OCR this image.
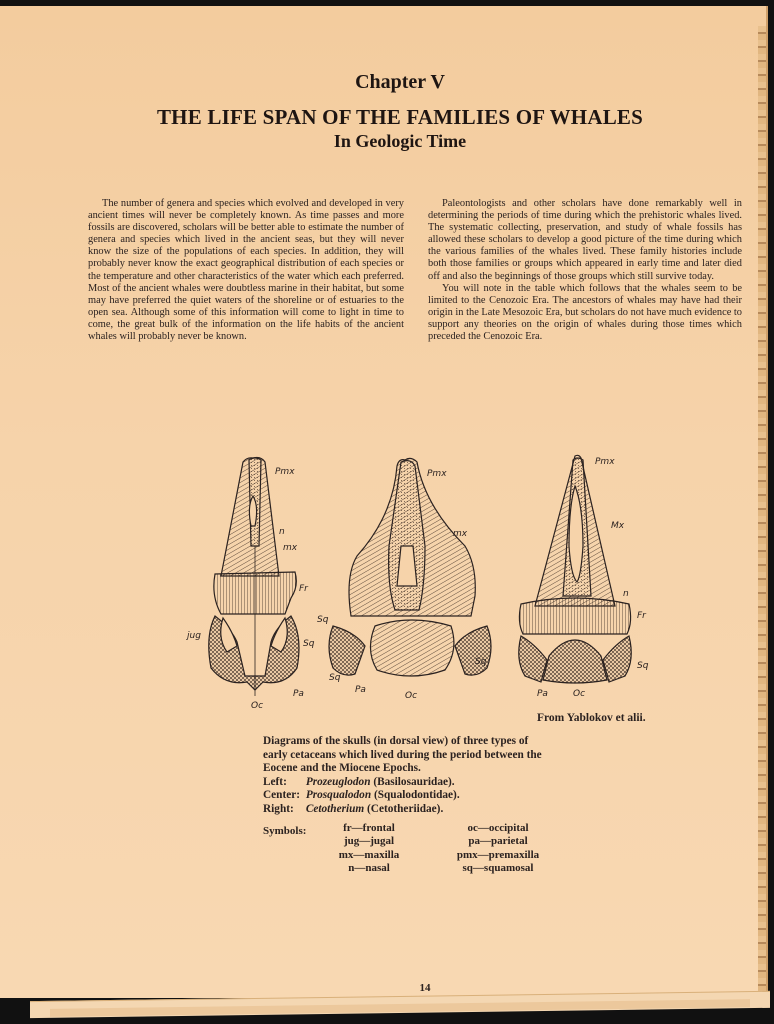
Chapter V
THE LIFE SPAN OF THE FAMILIES OF WHALES
In Geologic Time

The number of genera and species which evolved and developed in very ancient times will never be completely known. As time passes and more fossils are discovered, scholars will be better able to estimate the number of genera and species which lived in the ancient seas, but they will never know the size of the populations of each species. In addition, they will probably never know the exact geographical distribution of each species or the temperature and other characteristics of the water which each preferred. Most of the ancient whales were doubtless marine in their habitat, but some may have preferred the quiet waters of the shoreline or of estuaries to the open sea. Although some of this information will come to light in time to come, the great bulk of the information on the life habits of the ancient whales will probably never be known.

Paleontologists and other scholars have done remarkably well in determining the periods of time during which the prehistoric whales lived. The systematic collecting, preservation, and study of whale fossils has allowed these scholars to develop a good picture of the time during which the various families of the whales lived. These family histories include both those families or groups which appeared in early time and later died off and also the beginnings of those groups which still survive today.

You will note in the table which follows that the whales seem to be limited to the Cenozoic Era. The ancestors of whales may have had their origin in the Late Mesozoic Era, but scholars do not have much evidence to support any theories on the origin of whales during those times which preceded the Cenozoic Era.

Pmx
n
mx
Fr
jug
Sq
Pa
Oc
Pmx
mx
Sq
Sq
Sq
Pa
Oc
Pmx
Mx
n
Fr
Sq
Pa	Oc
From Yablokov et alii.
Diagrams of the skulls (in dorsal view) of three types of
early cetaceans which lived during the period between the
Eocene and the Miocene Epochs.
Left: Prozeuglodon (Basilosauridae).
Center: Prosqualodon (Squalodontidae).
Right: Cetotherium (Cetotheriidae).
Symbols:	fr—frontal
jug—jugal
mx—maxilla
n—nasal
oc—occipital
pa—parietal
pmx—premaxilla
sq—squamosal
14
